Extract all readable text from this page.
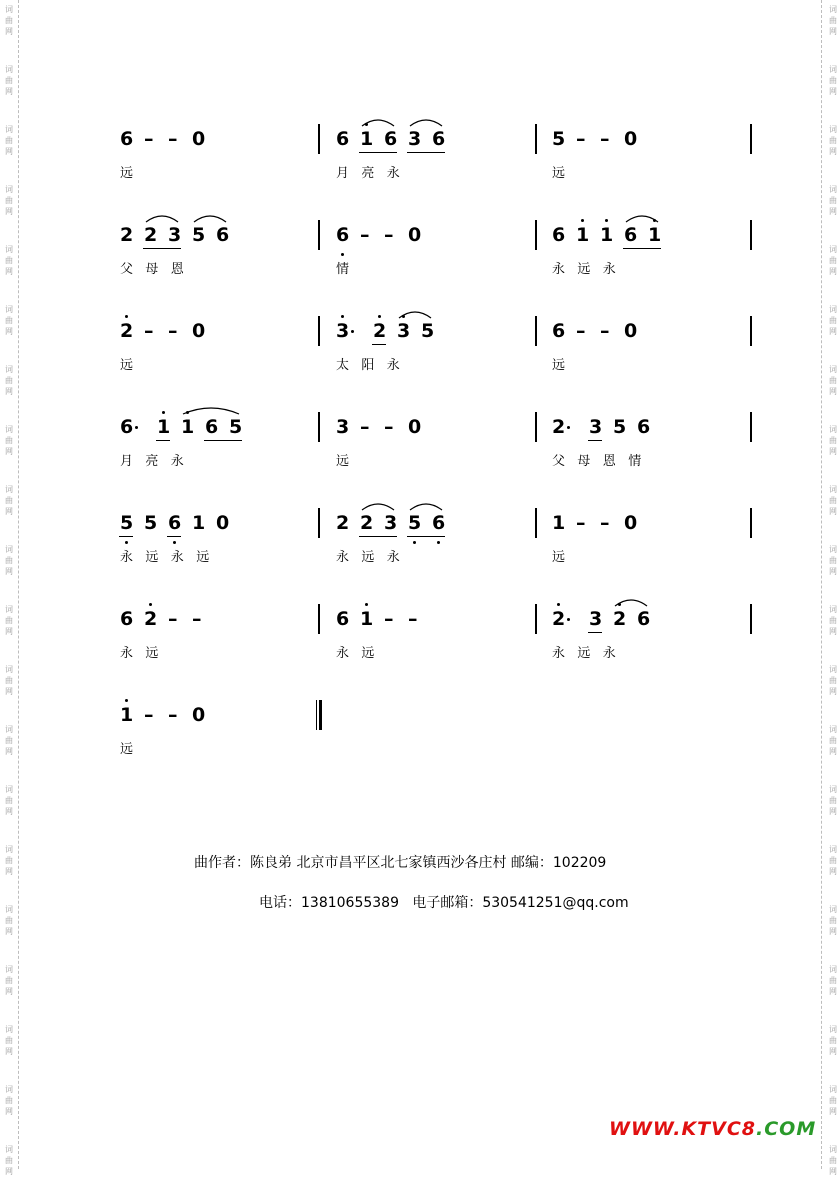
词
曲
网
词
曲
网
词
曲
网
词
曲
网
词
曲
网
词
曲
网
词
曲
网
词
曲
网
词
曲
网
词
曲
网
词
曲
网
词
曲
网
词
曲
网
词
曲
网
词
曲
网
词
曲
网
词
曲
网
词
曲
网
词
曲
网
词
曲
网
词
曲
网
词
曲
网
词
曲
网
词
曲
网
词
曲
网
词
曲
网
词
曲
网
词
曲
网
词
曲
网
词
曲
网
词
曲
网
词
曲
网
词
曲
网
词
曲
网
词
曲
网
词
曲
网
词
曲
网
词
曲
网
词
曲
网
词
曲
网
6 – – 0
远
6 1 6 3 6
月   亮   永
5 – – 0
远
2 2 3 5 6
父   母   恩
6 – – 0
情
6 1 1 6 1
永   远   永
2 – – 0
远
3 2 3 5
太   阳   永
6 – – 0
远
6 1 1 6 5
月   亮   永
3 – – 0
远
2 3 5 6
父   母   恩   情
5 5 6 1 0
永   远   永   远
2 2 3 5 6
永   远   永
1 – – 0
远
6 2 – –
永   远
6 1 – –
永   远
2 3 2 6
永   远   永
1 – – 0
远
曲作者：陈良弟 北京市昌平区北七家镇西沙各庄村 邮编：102209
电话：13810655389   电子邮箱：530541251@qq.com
WWW.KTVC8.COM
